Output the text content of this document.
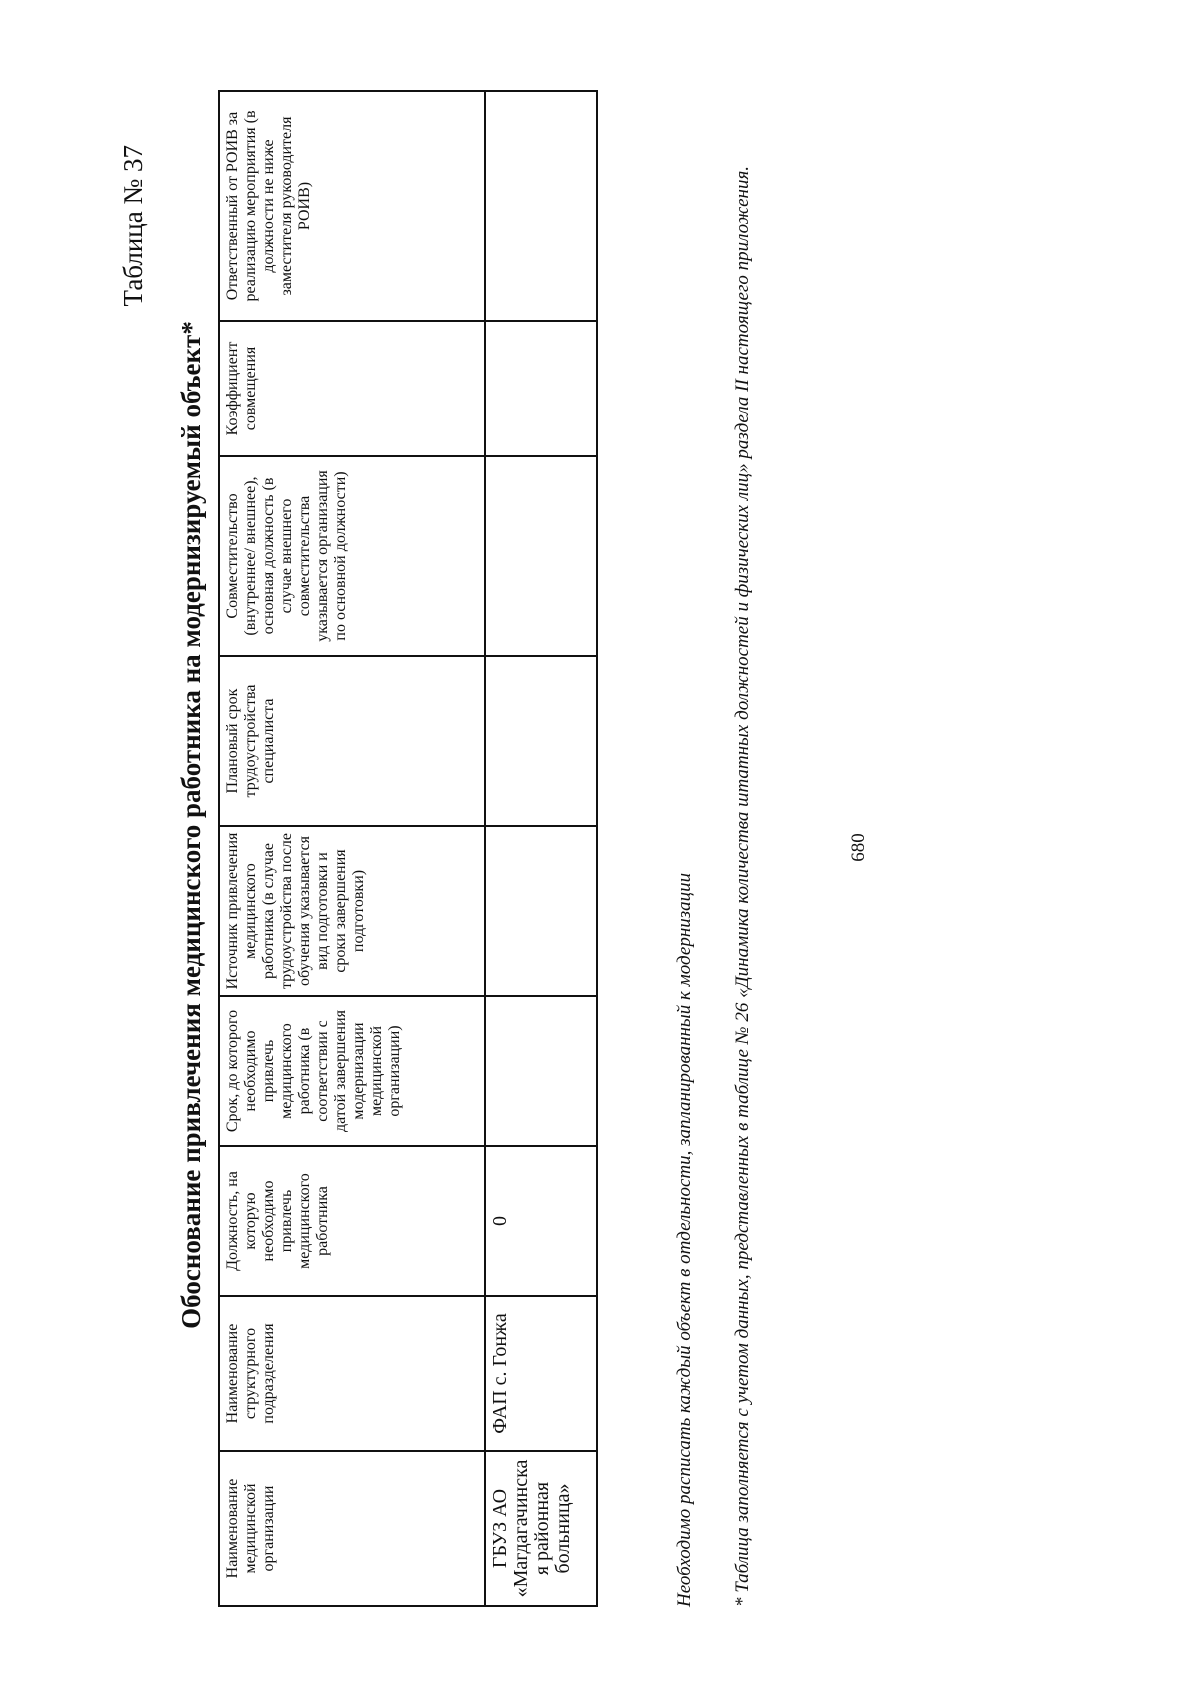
680
Таблица № 37
Обоснование привлечения медицинского работника на модернизируемый объект*
Наименование медицинской организации	Наименование структурного подразделения	Должность, на которую необходимо привлечь медицинского работника	Срок, до которого необходимо привлечь медицинского работника (в соответствии с датой завершения модернизации медицинской организации)	Источник привлечения медицинского работника (в случае трудоустройства после обучения указывается вид подготовки и сроки завершения подготовки)	Плановый срок трудоустройства специалиста	Совместительство (внутреннее/ внешнее), основная должность (в случае внешнего совместительства указывается организация по основной должности)	Коэффициент совмещения	Ответственный от РОИВ за реализацию мероприятия (в должности не ниже заместителя руководителя РОИВ)
ГБУЗ АО «Магдагачинская районная больница»	ФАП с. Гонжа	0							Необходимо расписать каждый объект в отдельности, запланированный к модернизации * Таблица заполняется с учетом данных, представленных в таблице № 26 «Динамика количества штатных должностей и физических лиц» раздела II настоящего приложения.
